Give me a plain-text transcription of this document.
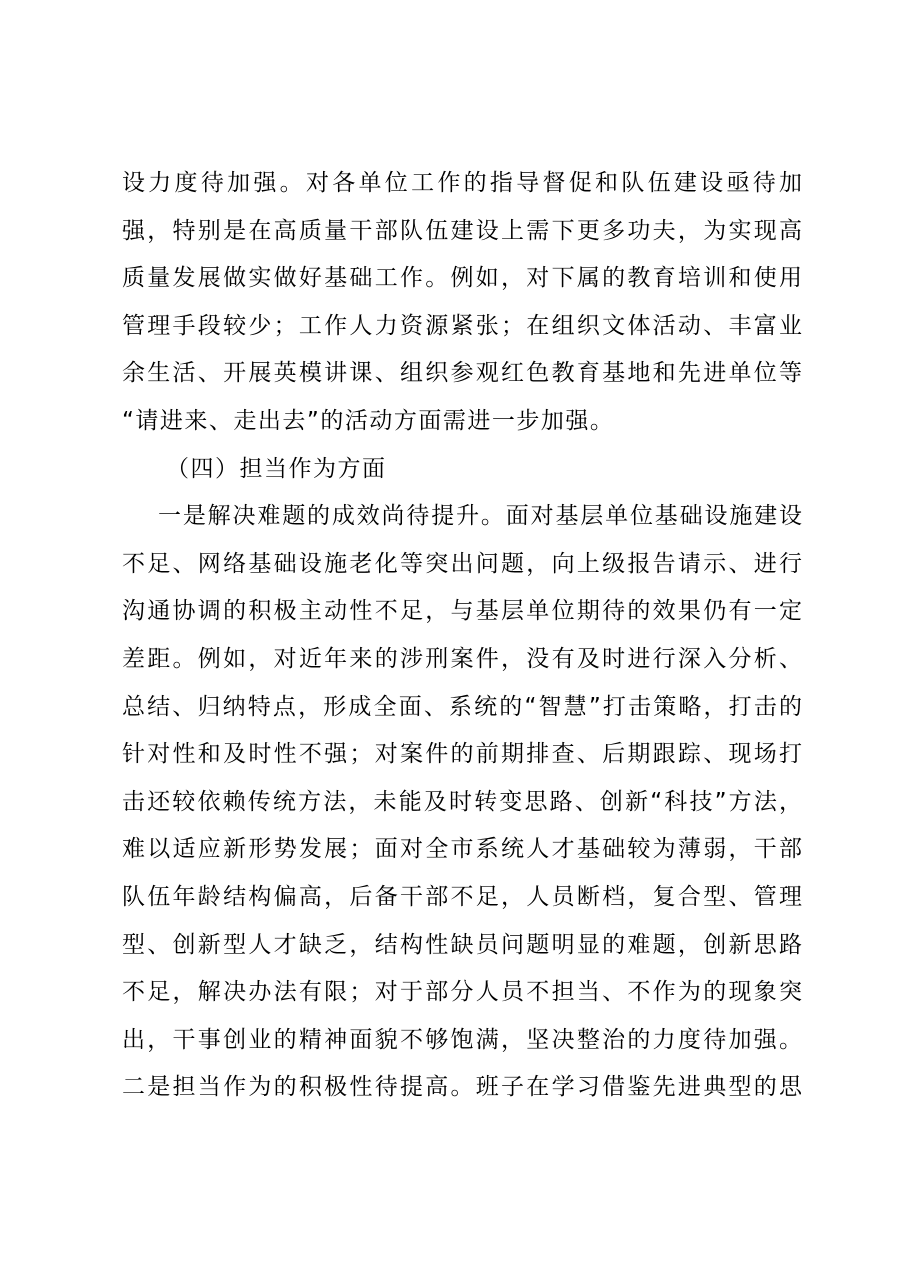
设力度待加强。对各单位工作的指导督促和队伍建设亟待加
强，特别是在高质量干部队伍建设上需下更多功夫，为实现高
质量发展做实做好基础工作。例如，对下属的教育培训和使用
管理手段较少；工作人力资源紧张；在组织文体活动、丰富业
余生活、开展英模讲课、组织参观红色教育基地和先进单位等
“请进来、走出去”的活动方面需进一步加强。
（四）担当作为方面
一是解决难题的成效尚待提升。面对基层单位基础设施建设
不足、网络基础设施老化等突出问题，向上级报告请示、进行
沟通协调的积极主动性不足，与基层单位期待的效果仍有一定
差距。例如，对近年来的涉刑案件，没有及时进行深入分析、
总结、归纳特点，形成全面、系统的“智慧”打击策略，打击的
针对性和及时性不强；对案件的前期排查、后期跟踪、现场打
击还较依赖传统方法，未能及时转变思路、创新“科技”方法，
难以适应新形势发展；面对全市系统人才基础较为薄弱，干部
队伍年龄结构偏高，后备干部不足，人员断档，复合型、管理
型、创新型人才缺乏，结构性缺员问题明显的难题，创新思路
不足，解决办法有限；对于部分人员不担当、不作为的现象突
出，干事创业的精神面貌不够饱满，坚决整治的力度待加强。
二是担当作为的积极性待提高。班子在学习借鉴先进典型的思
